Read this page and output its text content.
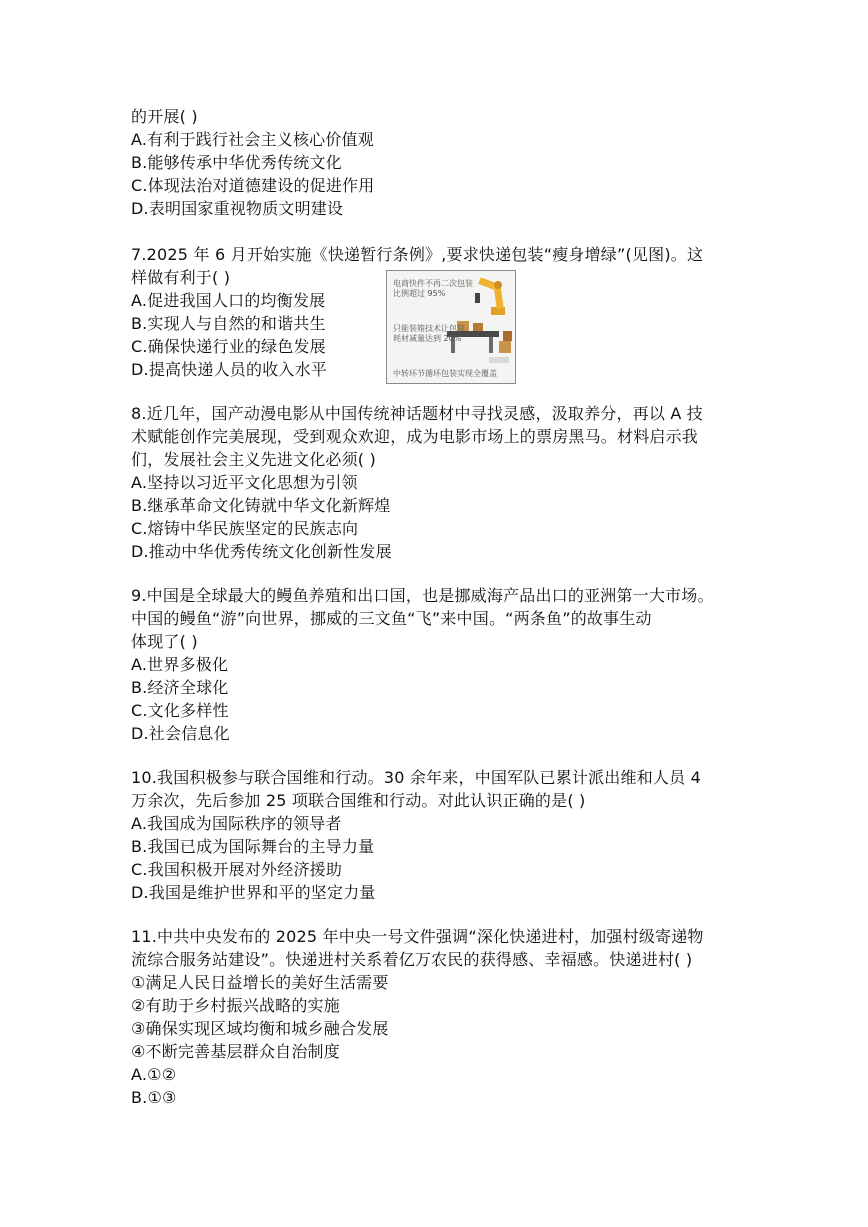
的开展( )
A.有利于践行社会主义核心价值观
B.能够传承中华优秀传统文化
C.体现法治对道德建设的促进作用
D.表明国家重视物质文明建设
7.2025 年 6 月开始实施《快递暂行条例》,要求快递包装“瘦身增绿”(见图)。这
样做有利于( )
A.促进我国人口的均衡发展
B.实现人与自然的和谐共生
C.确保快递行业的绿色发展
D.提高快递人员的收入水平
电商快件不再二次包装
比例超过 95%
只能装箱技术让包装
耗材减量达到 20%
中转环节循环包装实现全覆盖
8.近几年，国产动漫电影从中国传统神话题材中寻找灵感，汲取养分，再以 A 技
术赋能创作完美展现，受到观众欢迎，成为电影市场上的票房黑马。材料启示我
们，发展社会主义先进文化必须( )
A.坚持以习近平文化思想为引领
B.继承革命文化铸就中华文化新辉煌
C.熔铸中华民族坚定的民族志向
D.推动中华优秀传统文化创新性发展
9.中国是全球最大的鳗鱼养殖和出口国，也是挪威海产品出口的亚洲第一大市场。
中国的鳗鱼“游”向世界，挪威的三文鱼“飞”来中国。“两条鱼”的故事生动
体现了( )
A.世界多极化
B.经济全球化
C.文化多样性
D.社会信息化
10.我国积极参与联合国维和行动。30 余年来，中国军队已累计派出维和人员 4
万余次，先后参加 25 项联合国维和行动。对此认识正确的是( )
A.我国成为国际秩序的领导者
B.我国已成为国际舞台的主导力量
C.我国积极开展对外经济援助
D.我国是维护世界和平的坚定力量
11.中共中央发布的 2025 年中央一号文件强调“深化快递进村，加强村级寄递物
流综合服务站建设”。快递进村关系着亿万农民的获得感、幸福感。快递进村( )
①满足人民日益增长的美好生活需要
②有助于乡村振兴战略的实施
③确保实现区域均衡和城乡融合发展
④不断完善基层群众自治制度
A.①②
B.①③
